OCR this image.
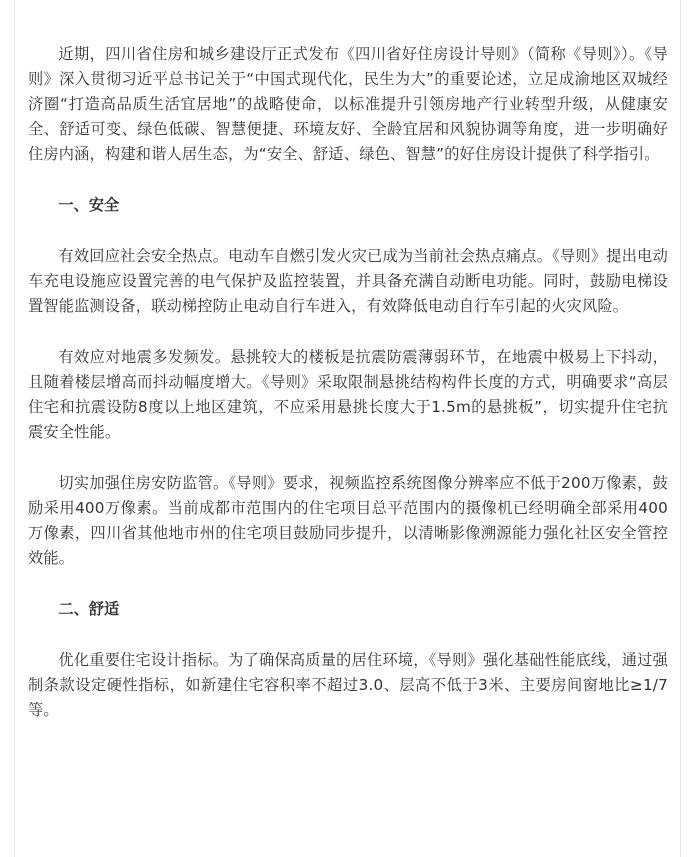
近期，四川省住房和城乡建设厅正式发布《四川省好住房设计导则》（简称《导则》）。《导则》深入贯彻习近平总书记关于“中国式现代化，民生为大”的重要论述，立足成渝地区双城经济圈“打造高品质生活宜居地”的战略使命，以标准提升引领房地产行业转型升级，从健康安全、舒适可变、绿色低碳、智慧便捷、环境友好、全龄宜居和风貌协调等角度，进一步明确好住房内涵，构建和谐人居生态，为“安全、舒适、绿色、智慧”的好住房设计提供了科学指引。

一、安全

有效回应社会安全热点。电动车自燃引发火灾已成为当前社会热点痛点。《导则》提出电动车充电设施应设置完善的电气保护及监控装置，并具备充满自动断电功能。同时，鼓励电梯设置智能监测设备，联动梯控防止电动自行车进入，有效降低电动自行车引起的火灾风险。

有效应对地震多发频发。悬挑较大的楼板是抗震防震薄弱环节，在地震中极易上下抖动，且随着楼层增高而抖动幅度增大。《导则》采取限制悬挑结构构件长度的方式，明确要求“高层住宅和抗震设防8度以上地区建筑，不应采用悬挑长度大于1.5m的悬挑板”，切实提升住宅抗震安全性能。

切实加强住房安防监管。《导则》要求，视频监控系统图像分辨率应不低于200万像素，鼓励采用400万像素。当前成都市范围内的住宅项目总平范围内的摄像机已经明确全部采用400万像素，四川省其他地市州的住宅项目鼓励同步提升，以清晰影像溯源能力强化社区安全管控效能。

二、舒适

优化重要住宅设计指标。为了确保高质量的居住环境，《导则》强化基础性能底线，通过强制条款设定硬性指标，如新建住宅容积率不超过3.0、层高不低于3米、主要房间窗地比≥1/7等。
